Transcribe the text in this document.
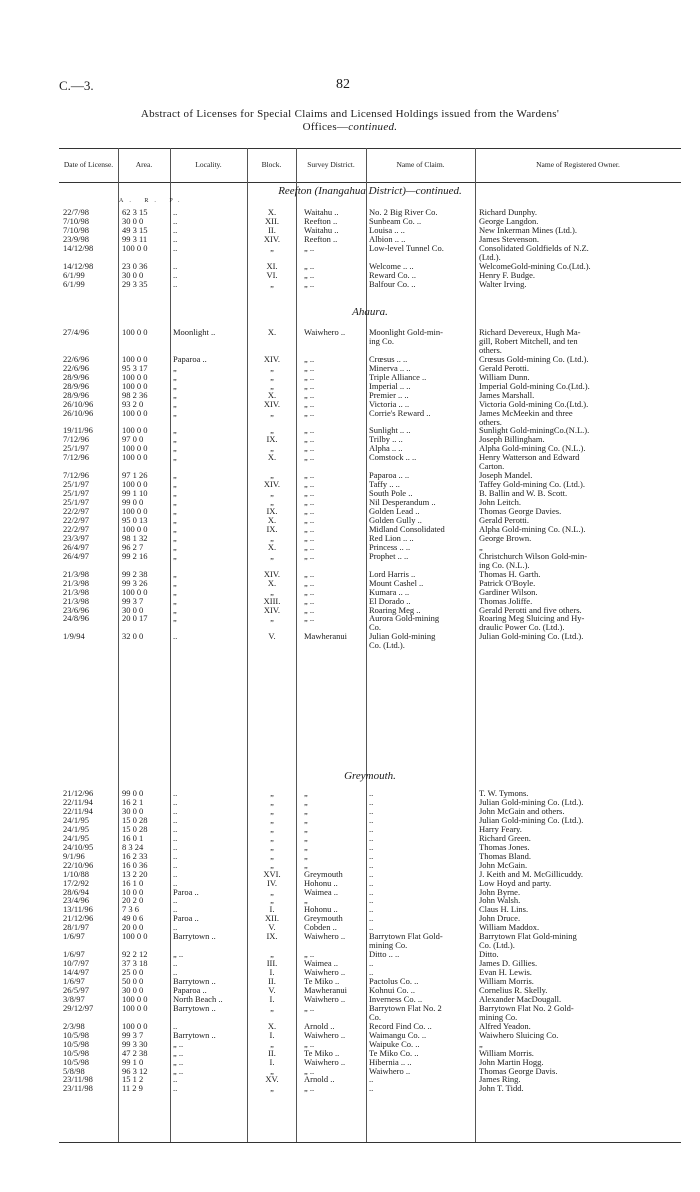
C.—3.	82
Abstract of Licenses for Special Claims and Licensed Holdings issued from the Wardens'
Offices—continued.
Date of License.	Area.	Locality.	Block.	Survey District.	Name of Claim.	Name of Registered Owner.
Reefton (Inangahua District)—continued.
A. R. P.
Ahaura.
Greymouth.
22/7/98	62 3 15	..	X.	Waitahu ..	No. 2 Big River Co.	Richard Dunphy.
7/10/98	30 0 0	..	XII.	Reefton ..	Sunbeam Co. ..	George Langdon.
7/10/98	49 3 15	..	II.	Waitahu ..	Louisa .. ..	New Inkerman Mines (Ltd.).
23/9/98	99 3 11	..	XIV.	Reefton ..	Albion .. ..	James Stevenson.
14/12/98	100 0 0	..	„	„ ..	Low-level Tunnel Co.	Consolidated Goldfields of N.Z.
(Ltd.).
14/12/98	23 0 36	..	XI.	„ ..	Welcome .. ..	WelcomeGold-mining Co.(Ltd.).
6/1/99	30 0 0	..	VI.	„ ..	Reward Co. ..	Henry F. Budge.
6/1/99	29 3 35	..	„	„ ..	Balfour Co. ..	Walter Irving.
27/4/96	100 0 0	Moonlight ..	X.	Waiwhero ..	Moonlight Gold-min-	Richard Devereux, Hugh Ma-
ing Co.	gill, Robert Mitchell, and ten
others.
22/6/96	100 0 0	Paparoa ..	XIV.	„ ..	Crœsus .. ..	Crœsus Gold-mining Co. (Ltd.).
22/6/96	95 3 17	„	„	„ ..	Minerva .. ..	Gerald Perotti.
28/9/96	100 0 0	„	„	„ ..	Triple Alliance ..	William Dunn.
28/9/96	100 0 0	„	„	„ ..	Imperial .. ..	Imperial Gold-mining Co.(Ltd.).
28/9/96	98 2 36	„	X.	„ ..	Premier .. ..	James Marshall.
26/10/96	93 2 0	„	XIV.	„ ..	Victoria .. ..	Victoria Gold-mining Co.(Ltd.).
26/10/96	100 0 0	„	„	„ ..	Corrie's Reward ..	James McMeekin and three
others.
19/11/96	100 0 0	„	„	„ ..	Sunlight .. ..	Sunlight Gold-miningCo.(N.L.).
7/12/96	97 0 0	„	IX.	„ ..	Trilby .. ..	Joseph Billingham.
25/1/97	100 0 0	„	„	„ ..	Alpha .. ..	Alpha Gold-mining Co. (N.L.).
7/12/96	100 0 0	„	X.	„ ..	Comstock .. ..	Henry Watterson and Edward
Carton.
7/12/96	97 1 26	„	„	„ ..	Paparoa .. ..	Joseph Mandel.
25/1/97	100 0 0	„	XIV.	„ ..	Taffy .. ..	Taffey Gold-mining Co. (Ltd.).
25/1/97	99 1 10	„	„	„ ..	South Pole ..	B. Ballin and W. B. Scott.
25/1/97	99 0 0	„	„	„ ..	Nil Desperandum ..	John Leitch.
22/2/97	100 0 0	„	IX.	„ ..	Golden Lead ..	Thomas George Davies.
22/2/97	95 0 13	„	X.	„ ..	Golden Gully ..	Gerald Perotti.
22/2/97	100 0 0	„	IX.	„ ..	Midland Consolidated	Alpha Gold-mining Co. (N.L.).
23/3/97	98 1 32	„	„	„ ..	Red Lion .. ..	George Brown.
26/4/97	96 2 7	„	X.	„ ..	Princess .. ..	„
26/4/97	99 2 16	„	„	„ ..	Prophet .. ..	Christchurch Wilson Gold-min-
ing Co. (N.L.).
21/3/98	99 2 38	„	XIV.	„ ..	Lord Harris ..	Thomas H. Garth.
21/3/98	99 3 26	„	X.	„ ..	Mount Cashel ..	Patrick O'Boyle.
21/3/98	100 0 0	„	„	„ ..	Kumara .. ..	Gardiner Wilson.
21/3/98	99 3 7	„	XIII.	„ ..	El Dorado ..	Thomas Joliffe.
23/6/96	30 0 0	„	XIV.	„ ..	Roaring Meg ..	Gerald Perotti and five others.
24/8/96	20 0 17	„	„	„ ..	Aurora Gold-mining	Roaring Meg Sluicing and Hy-
Co.	draulic Power Co. (Ltd.).
1/9/94	32 0 0	..	V.	Mawheranui	Julian Gold-mining	Julian Gold-mining Co. (Ltd.).
Co. (Ltd.).
21/12/96	99 0 0	..	„	„	..	T. W. Tymons.
22/11/94	16 2 1	..	„	„	..	Julian Gold-mining Co. (Ltd.).
22/11/94	30 0 0	..	„	„	..	John McGain and others.
24/1/95	15 0 28	..	„	„	..	Julian Gold-mining Co. (Ltd.).
24/1/95	15 0 28	..	„	„	..	Harry Feary.
24/1/95	16 0 1	..	„	„	..	Richard Green.
24/10/95	8 3 24	..	„	„	..	Thomas Jones.
9/1/96	16 2 33	..	„	„	..	Thomas Bland.
22/10/96	16 0 36	..	„	„	..	John McGain.
1/10/88	13 2 20	..	XVI.	Greymouth	..	J. Keith and M. McGillicuddy.
17/2/92	16 1 0	..	IV.	Hohonu ..	..	Low Hoyd and party.
28/6/94	10 0 0	Paroa ..	„	Waimea ..	..	John Byrne.
23/4/96	20 2 0	..	„	„	..	John Walsh.
13/11/96	7 3 6	..	I.	Hohonu ..	..	Claus H. Lins.
21/12/96	49 0 6	Paroa ..	XII.	Greymouth	..	John Druce.
28/1/97	20 0 0	..	V.	Cobden ..	..	William Maddox.
1/6/97	100 0 0	Barrytown ..	IX.	Waiwhero ..	Barrytown Flat Gold-	Barrytown Flat Gold-mining
mining Co.	Co. (Ltd.).
1/6/97	92 2 12	„ ..	„	„ ..	Ditto .. ..	Ditto.
10/7/97	37 3 18	..	III.	Waimea ..	..	James D. Gillies.
14/4/97	25 0 0	..	I.	Waiwhero ..	..	Evan H. Lewis.
1/6/97	50 0 0	Barrytown ..	II.	Te Miko ..	Pactolus Co. ..	William Morris.
26/5/97	30 0 0	Paparoa ..	V.	Mawheranui	Kohnui Co. ..	Cornelius R. Skelly.
3/8/97	100 0 0	North Beach ..	I.	Waiwhero ..	Inverness Co. ..	Alexander MacDougall.
29/12/97	100 0 0	Barrytown ..	„	„ ..	Barrytown Flat No. 2	Barrytown Flat No. 2 Gold-
Co.	mining Co.
2/3/98	100 0 0	..	X.	Arnold ..	Record Find Co. ..	Alfred Yeadon.
10/5/98	99 3 7	Barrytown ..	I.	Waiwhero ..	Waimangu Co. ..	Waiwhero Sluicing Co.
10/5/98	99 3 30	„ ..	„	„ ..	Waipuke Co. ..	„
10/5/98	47 2 38	„ ..	II.	Te Miko ..	Te Miko Co. ..	William Morris.
10/5/98	99 1 0	„ ..	I.	Waiwhero ..	Hibernia .. ..	John Martin Hogg.
5/8/98	96 3 12	„ ..	„	„ ..	Waiwhero ..	Thomas George Davis.
23/11/98	15 1 2	..	XV.	Arnold ..	..	James Ring.
23/11/98	11 2 9	..	„	„ ..	..	John T. Tidd.
